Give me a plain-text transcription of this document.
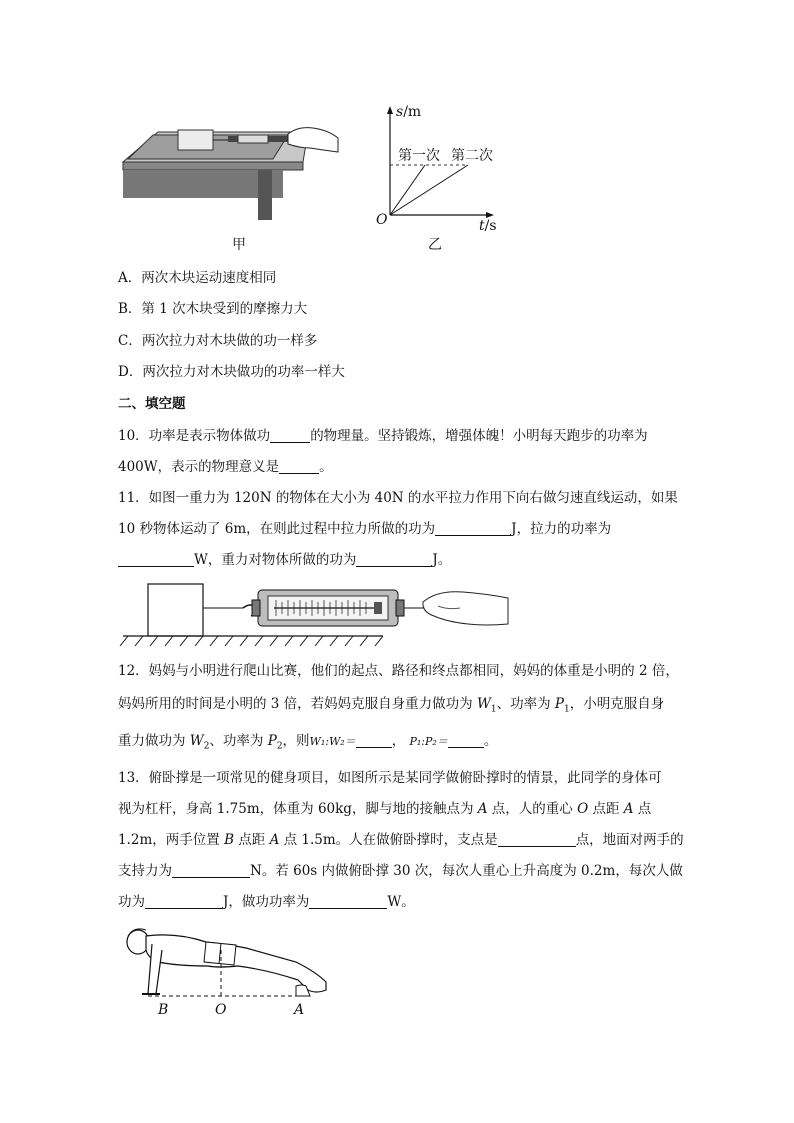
甲
s/m
t/s
O
第一次 第二次
乙
A．两次木块运动速度相同
B．第 1 次木块受到的摩擦力大
C．两次拉力对木块做的功一样多
D．两次拉力对木块做功的功率一样大
二、填空题
10．功率是表示物体做功	的物理量。坚持锻炼，增强体魄！小明每天跑步的功率为
400W，表示的物理意义是	。
11．如图一重力为 120N 的物体在大小为 40N 的水平拉力作用下向右做匀速直线运动，如果
10 秒物体运动了 6m，在则此过程中拉力所做的功为	J，拉力的功率为
W，重力对物体所做的功为	J。
12．妈妈与小明进行爬山比赛，他们的起点、路径和终点都相同，妈妈的体重是小明的 2 倍，
妈妈所用的时间是小明的 3 倍，若妈妈克服自身重力做功为 $W_1$、功率为 $P_1$，小明克服自身
重力做功为 $W_2$、功率为 $P_2$，则W₁:W₂＝	， P₁:P₂＝	。
13．俯卧撑是一项常见的健身项目，如图所示是某同学做俯卧撑时的情景，此同学的身体可
视为杠杆，身高 1.75m，体重为 60kg，脚与地的接触点为 A 点，人的重心 O 点距 A 点
1.2m，两手位置 B 点距 A 点 1.5m。人在做俯卧撑时，支点是	点，地面对两手的
支持力为	N。若 60s 内做俯卧撑 30 次，每次人重心上升高度为 0.2m，每次人做
功为	J，做功功率为	W。
B	O	A
